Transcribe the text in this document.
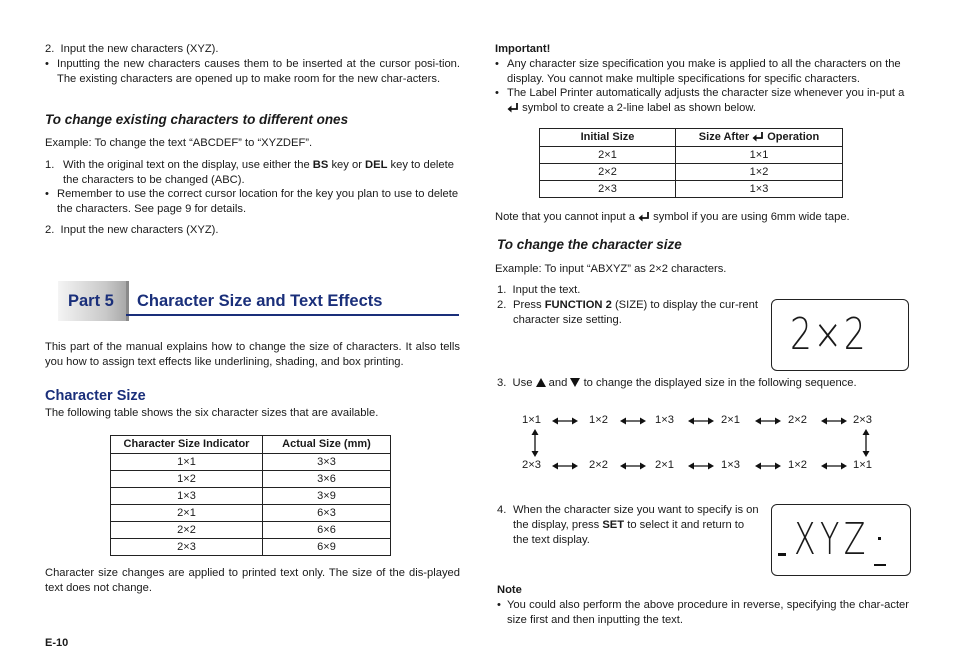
2.  Input the new characters (XYZ).

• Inputting the new characters causes them to be inserted at the cursor posi-tion. The existing characters are opened up to make room for the new char-acters.

To change existing characters to different ones

Example: To change the text “ABCDEF” to “XYZDEF”.

1. With the original text on the display, use either the BS key or DEL key to delete the characters to be changed (ABC).
• Remember to use the correct cursor location for the key you plan to use to delete the characters. See page 9 for details.

2.  Input the new characters (XYZ).

Part 5 Character Size and Text Effects

This part of the manual explains how to change the size of characters. It also tells you how to assign text effects like underlining, shading, and box printing.

Character Size

The following table shows the six character sizes that are available.

Character Size Indicator	Actual Size (mm)
1×1	3×3
1×2	3×6
1×3	3×9
2×1	6×3
2×2	6×6
2×3	6×9

Character size changes are applied to printed text only. The size of the dis-played text does not change.

E-10

Important!

• Any character size specification you make is applied to all the characters on the display. You cannot make multiple specifications for specific characters.
• The Label Printer automatically adjusts the character size whenever you in-put a  symbol to create a 2-line label as shown below.
Initial Size	Size After Operation
2×1	1×1
2×2	1×2
2×3	1×3

Note that you cannot input a symbol if you are using 6mm wide tape.

To change the character size

Example: To input “ABXYZ” as 2×2 characters.

1.  Input the text.

2. Press FUNCTION 2 (SIZE) to display the cur-rent character size setting.	2×2

3.  Use and to change the displayed size in the following sequence.

1×1	1×2	1×3	2×1	2×2	2×3
2×3	2×2	2×1	1×3	1×2	1×1
4. When the character size you want to specify is on the display, press SET to select it and return to the text display.	XYZ

Note

• You could also perform the above procedure in reverse, specifying the char-acter size first and then inputting the text.
